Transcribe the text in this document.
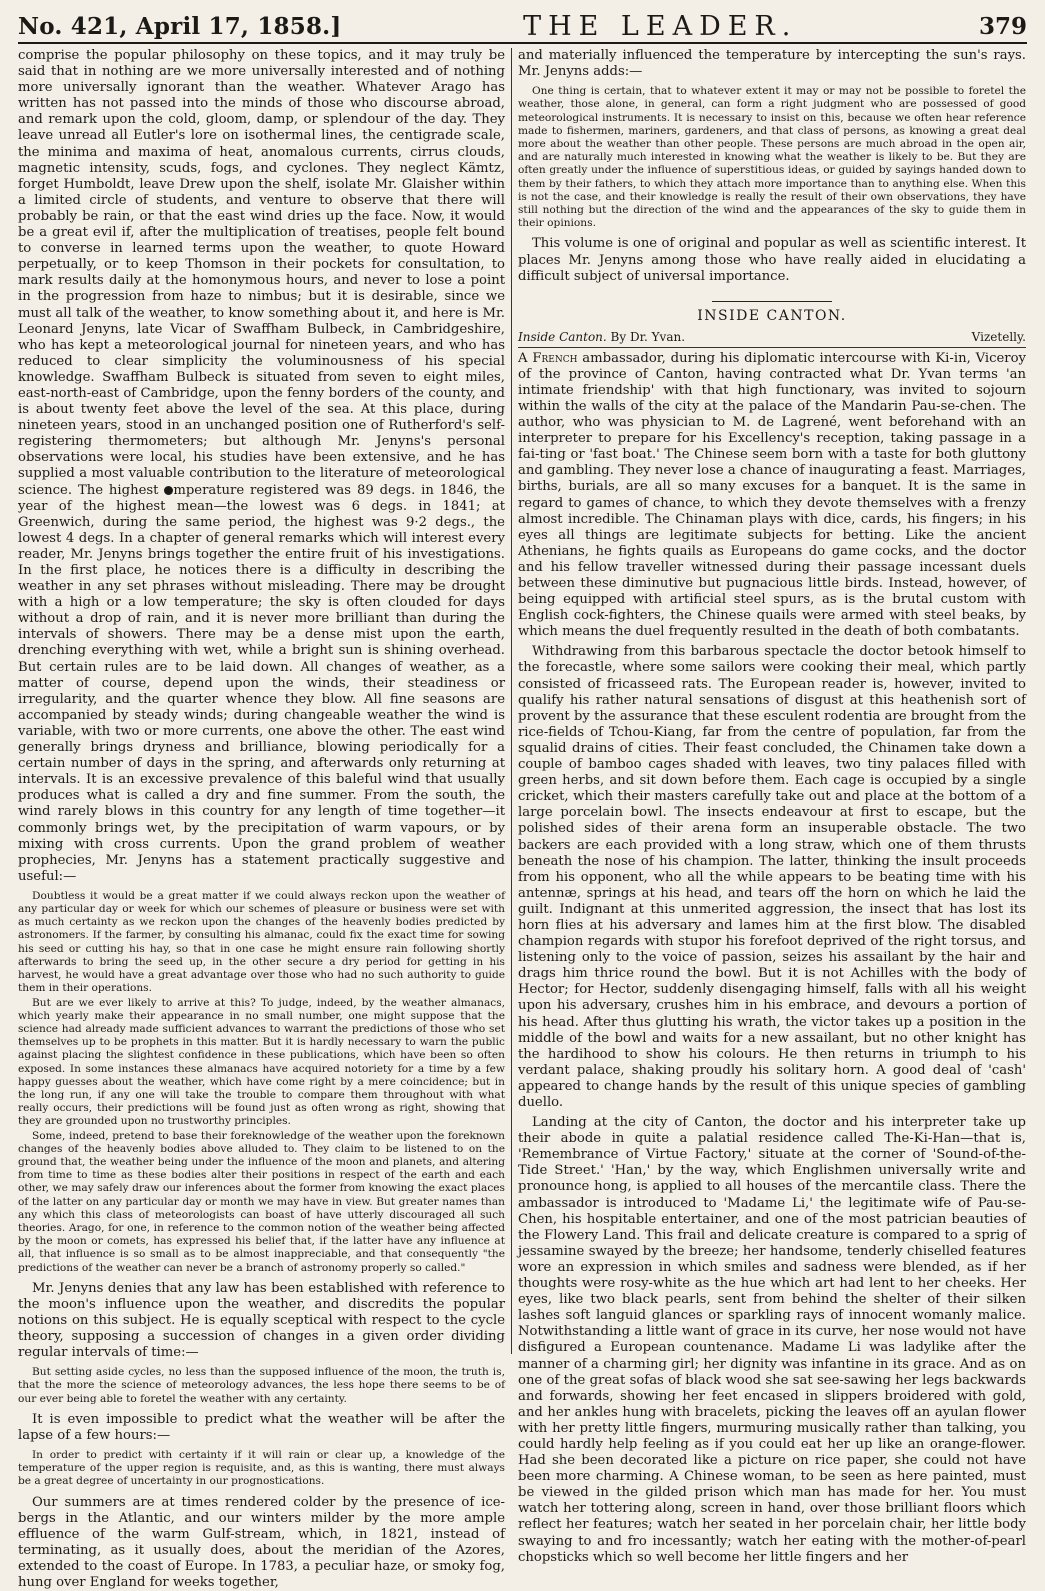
No. 421, April 17, 1858.]	THE LEADER.	379

comprise the popular philosophy on these topics, and it may truly be said that in nothing are we more universally interested and of nothing more universally ignorant than the weather. Whatever Arago has written has not passed into the minds of those who discourse abroad, and remark upon the cold, gloom, damp, or splendour of the day. They leave unread all Eutler's lore on isothermal lines, the centigrade scale, the minima and maxima of heat, anomalous currents, cirrus clouds, magnetic intensity, scuds, fogs, and cyclones. They neglect Kämtz, forget Humboldt, leave Drew upon the shelf, isolate Mr. Glaisher within a limited circle of students, and venture to observe that there will probably be rain, or that the east wind dries up the face. Now, it would be a great evil if, after the multiplication of treatises, people felt bound to converse in learned terms upon the weather, to quote Howard perpetually, or to keep Thomson in their pockets for consultation, to mark results daily at the homonymous hours, and never to lose a point in the progression from haze to nimbus; but it is desirable, since we must all talk of the weather, to know something about it, and here is Mr. Leonard Jenyns, late Vicar of Swaffham Bulbeck, in Cambridgeshire, who has kept a meteorological journal for nineteen years, and who has reduced to clear simplicity the voluminousness of his special knowledge. Swaffham Bulbeck is situated from seven to eight miles, east-north-east of Cambridge, upon the fenny borders of the county, and is about twenty feet above the level of the sea. At this place, during nineteen years, stood in an unchanged position one of Rutherford's self-registering thermometers; but although Mr. Jenyns's personal observations were local, his studies have been extensive, and he has supplied a most valuable contribution to the literature of meteorological science. The highest mperature registered was 89 degs. in 1846, the year of the highest mean—the lowest was 6 degs. in 1841; at Greenwich, during the same period, the highest was 9·2 degs., the lowest 4 degs. In a chapter of general remarks which will interest every reader, Mr. Jenyns brings together the entire fruit of his investigations. In the first place, he notices there is a difficulty in describing the weather in any set phrases without misleading. There may be drought with a high or a low temperature; the sky is often clouded for days without a drop of rain, and it is never more brilliant than during the intervals of showers. There may be a dense mist upon the earth, drenching everything with wet, while a bright sun is shining overhead. But certain rules are to be laid down. All changes of weather, as a matter of course, depend upon the winds, their steadiness or irregularity, and the quarter whence they blow. All fine seasons are accompanied by steady winds; during changeable weather the wind is variable, with two or more currents, one above the other. The east wind generally brings dryness and brilliance, blowing periodically for a certain number of days in the spring, and afterwards only returning at intervals. It is an excessive prevalence of this baleful wind that usually produces what is called a dry and fine summer. From the south, the wind rarely blows in this country for any length of time together—it commonly brings wet, by the precipitation of warm vapours, or by mixing with cross currents. Upon the grand problem of weather prophecies, Mr. Jenyns has a statement practically suggestive and useful:—

Doubtless it would be a great matter if we could always reckon upon the weather of any particular day or week for which our schemes of pleasure or business were set with as much certainty as we reckon upon the changes of the heavenly bodies predicted by astronomers. If the farmer, by consulting his almanac, could fix the exact time for sowing his seed or cutting his hay, so that in one case he might ensure rain following shortly afterwards to bring the seed up, in the other secure a dry period for getting in his harvest, he would have a great advantage over those who had no such authority to guide them in their operations.

But are we ever likely to arrive at this? To judge, indeed, by the weather almanacs, which yearly make their appearance in no small number, one might suppose that the science had already made sufficient advances to warrant the predictions of those who set themselves up to be prophets in this matter. But it is hardly necessary to warn the public against placing the slightest confidence in these publications, which have been so often exposed. In some instances these almanacs have acquired notoriety for a time by a few happy guesses about the weather, which have come right by a mere coincidence; but in the long run, if any one will take the trouble to compare them throughout with what really occurs, their predictions will be found just as often wrong as right, showing that they are grounded upon no trustworthy principles.

Some, indeed, pretend to base their foreknowledge of the weather upon the foreknown changes of the heavenly bodies above alluded to. They claim to be listened to on the ground that, the weather being under the influence of the moon and planets, and altering from time to time as these bodies alter their positions in respect of the earth and each other, we may safely draw our inferences about the former from knowing the exact places of the latter on any particular day or month we may have in view. But greater names than any which this class of meteorologists can boast of have utterly discouraged all such theories. Arago, for one, in reference to the common notion of the weather being affected by the moon or comets, has expressed his belief that, if the latter have any influence at all, that influence is so small as to be almost inappreciable, and that consequently "the predictions of the weather can never be a branch of astronomy properly so called."

Mr. Jenyns denies that any law has been established with reference to the moon's influence upon the weather, and discredits the popular notions on this subject. He is equally sceptical with respect to the cycle theory, supposing a succession of changes in a given order dividing regular intervals of time:—

But setting aside cycles, no less than the supposed influence of the moon, the truth is, that the more the science of meteorology advances, the less hope there seems to be of our ever being able to foretel the weather with any certainty.

It is even impossible to predict what the weather will be after the lapse of a few hours:—

In order to predict with certainty if it will rain or clear up, a knowledge of the temperature of the upper region is requisite, and, as this is wanting, there must always be a great degree of uncertainty in our prognostications.

Our summers are at times rendered colder by the presence of ice-bergs in the Atlantic, and our winters milder by the more ample effluence of the warm Gulf-stream, which, in 1821, instead of terminating, as it usually does, about the meridian of the Azores, extended to the coast of Europe. In 1783, a peculiar haze, or smoky fog, hung over England for weeks together,

and materially influenced the temperature by intercepting the sun's rays. Mr. Jenyns adds:—

One thing is certain, that to whatever extent it may or may not be possible to foretel the weather, those alone, in general, can form a right judgment who are possessed of good meteorological instruments. It is necessary to insist on this, because we often hear reference made to fishermen, mariners, gardeners, and that class of persons, as knowing a great deal more about the weather than other people. These persons are much abroad in the open air, and are naturally much interested in knowing what the weather is likely to be. But they are often greatly under the influence of superstitious ideas, or guided by sayings handed down to them by their fathers, to which they attach more importance than to anything else. When this is not the case, and their knowledge is really the result of their own observations, they have still nothing but the direction of the wind and the appearances of the sky to guide them in their opinions.

This volume is one of original and popular as well as scientific interest. It places Mr. Jenyns among those who have really aided in elucidating a difficult subject of universal importance.

INSIDE CANTON.
Inside Canton. By Dr. Yvan.	Vizetelly.

A French ambassador, during his diplomatic intercourse with Ki-in, Viceroy of the province of Canton, having contracted what Dr. Yvan terms 'an intimate friendship' with that high functionary, was invited to sojourn within the walls of the city at the palace of the Mandarin Pau-se-chen. The author, who was physician to M. de Lagrené, went beforehand with an interpreter to prepare for his Excellency's reception, taking passage in a fai-ting or 'fast boat.' The Chinese seem born with a taste for both gluttony and gambling. They never lose a chance of inaugurating a feast. Marriages, births, burials, are all so many excuses for a banquet. It is the same in regard to games of chance, to which they devote themselves with a frenzy almost incredible. The Chinaman plays with dice, cards, his fingers; in his eyes all things are legitimate subjects for betting. Like the ancient Athenians, he fights quails as Europeans do game cocks, and the doctor and his fellow traveller witnessed during their passage incessant duels between these diminutive but pugnacious little birds. Instead, however, of being equipped with artificial steel spurs, as is the brutal custom with English cock-fighters, the Chinese quails were armed with steel beaks, by which means the duel frequently resulted in the death of both combatants.

Withdrawing from this barbarous spectacle the doctor betook himself to the forecastle, where some sailors were cooking their meal, which partly consisted of fricasseed rats. The European reader is, however, invited to qualify his rather natural sensations of disgust at this heathenish sort of provent by the assurance that these esculent rodentia are brought from the rice-fields of Tchou-Kiang, far from the centre of population, far from the squalid drains of cities. Their feast concluded, the Chinamen take down a couple of bamboo cages shaded with leaves, two tiny palaces filled with green herbs, and sit down before them. Each cage is occupied by a single cricket, which their masters carefully take out and place at the bottom of a large porcelain bowl. The insects endeavour at first to escape, but the polished sides of their arena form an insuperable obstacle. The two backers are each provided with a long straw, which one of them thrusts beneath the nose of his champion. The latter, thinking the insult proceeds from his opponent, who all the while appears to be beating time with his antennæ, springs at his head, and tears off the horn on which he laid the guilt. Indignant at this unmerited aggression, the insect that has lost its horn flies at his adversary and lames him at the first blow. The disabled champion regards with stupor his forefoot deprived of the right torsus, and listening only to the voice of passion, seizes his assailant by the hair and drags him thrice round the bowl. But it is not Achilles with the body of Hector; for Hector, suddenly disengaging himself, falls with all his weight upon his adversary, crushes him in his embrace, and devours a portion of his head. After thus glutting his wrath, the victor takes up a position in the middle of the bowl and waits for a new assailant, but no other knight has the hardihood to show his colours. He then returns in triumph to his verdant palace, shaking proudly his solitary horn. A good deal of 'cash' appeared to change hands by the result of this unique species of gambling duello.

Landing at the city of Canton, the doctor and his interpreter take up their abode in quite a palatial residence called The-Ki-Han—that is, 'Remembrance of Virtue Factory,' situate at the corner of 'Sound-of-the-Tide Street.' 'Han,' by the way, which Englishmen universally write and pronounce hong, is applied to all houses of the mercantile class. There the ambassador is introduced to 'Madame Li,' the legitimate wife of Pau-se-Chen, his hospitable entertainer, and one of the most patrician beauties of the Flowery Land. This frail and delicate creature is compared to a sprig of jessamine swayed by the breeze; her handsome, tenderly chiselled features wore an expression in which smiles and sadness were blended, as if her thoughts were rosy-white as the hue which art had lent to her cheeks. Her eyes, like two black pearls, sent from behind the shelter of their silken lashes soft languid glances or sparkling rays of innocent womanly malice. Notwithstanding a little want of grace in its curve, her nose would not have disfigured a European countenance. Madame Li was ladylike after the manner of a charming girl; her dignity was infantine in its grace. And as on one of the great sofas of black wood she sat see-sawing her legs backwards and forwards, showing her feet encased in slippers broidered with gold, and her ankles hung with bracelets, picking the leaves off an ayulan flower with her pretty little fingers, murmuring musically rather than talking, you could hardly help feeling as if you could eat her up like an orange-flower. Had she been decorated like a picture on rice paper, she could not have been more charming. A Chinese woman, to be seen as here painted, must be viewed in the gilded prison which man has made for her. You must watch her tottering along, screen in hand, over those brilliant floors which reflect her features; watch her seated in her porcelain chair, her little body swaying to and fro incessantly; watch her eating with the mother-of-pearl chopsticks which so well become her little fingers and her
